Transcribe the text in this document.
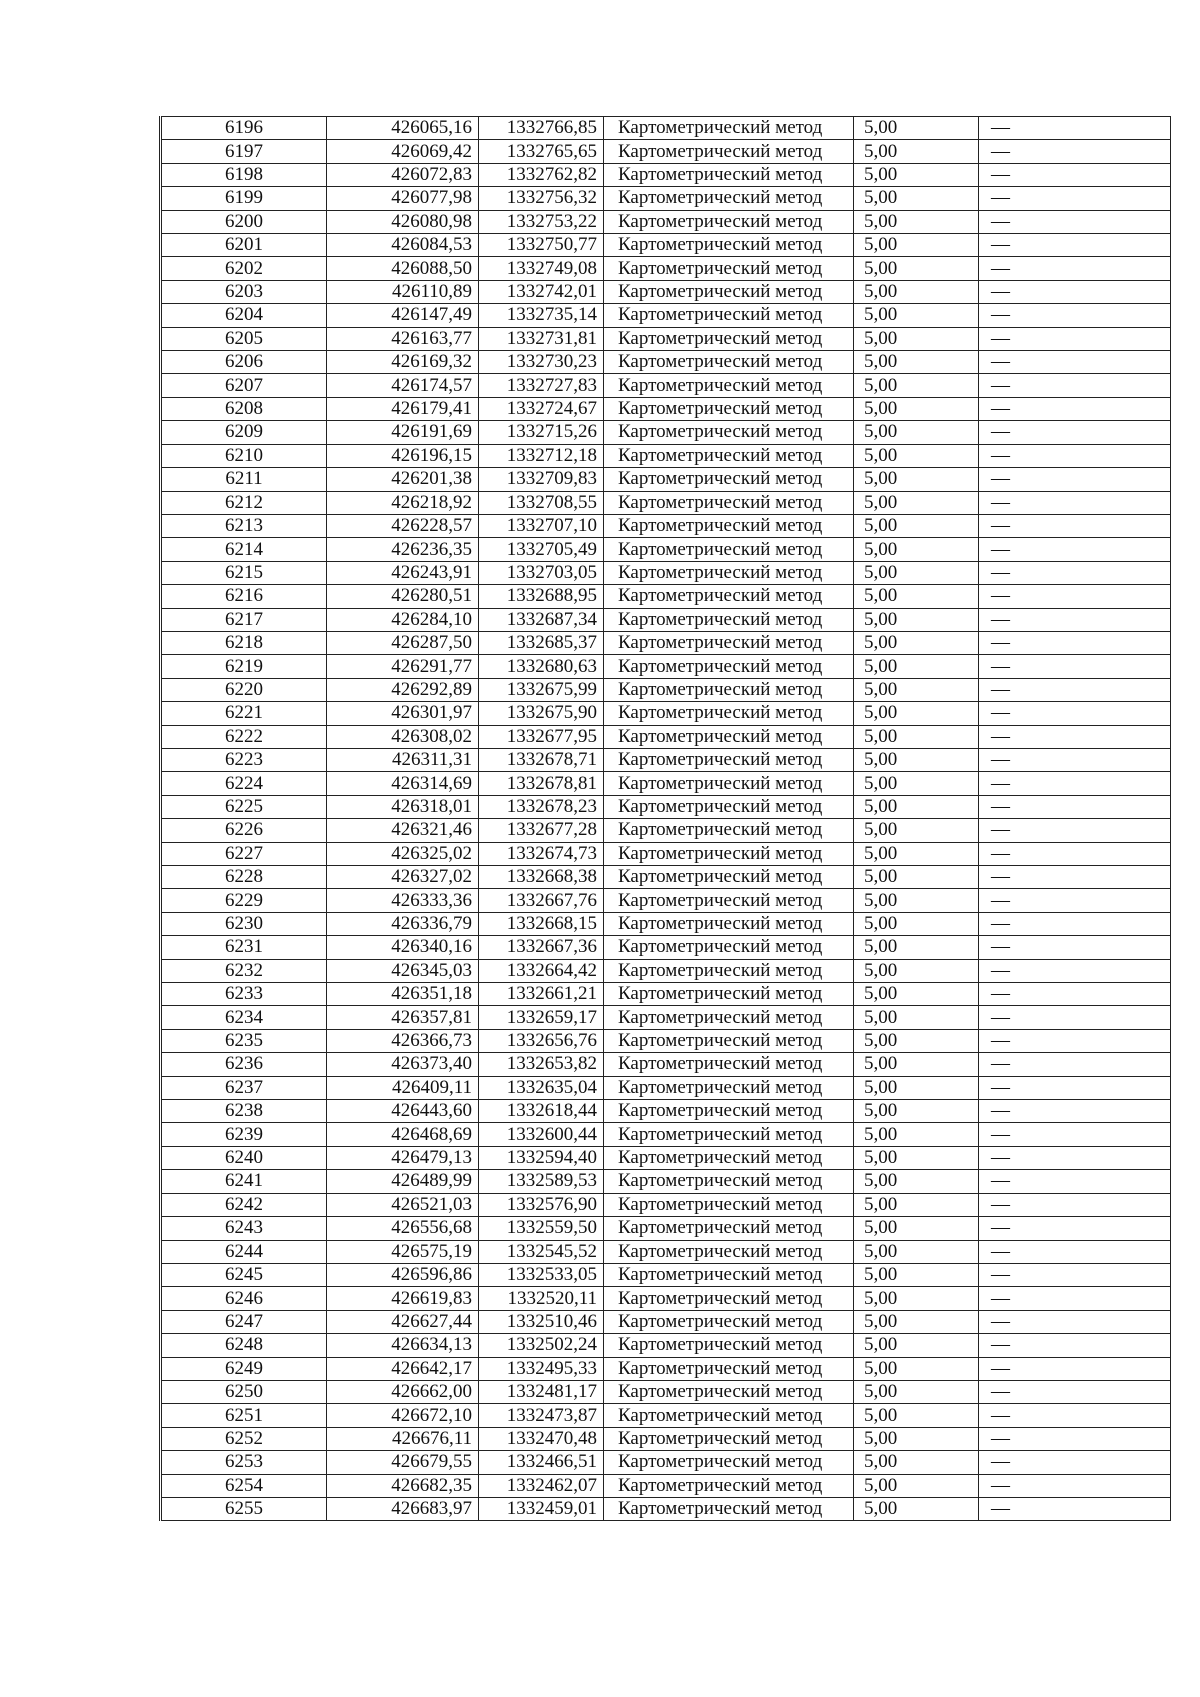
6196	426065,16	1332766,85	Картометрический метод	5,00	—
6197	426069,42	1332765,65	Картометрический метод	5,00	—
6198	426072,83	1332762,82	Картометрический метод	5,00	—
6199	426077,98	1332756,32	Картометрический метод	5,00	—
6200	426080,98	1332753,22	Картометрический метод	5,00	—
6201	426084,53	1332750,77	Картометрический метод	5,00	—
6202	426088,50	1332749,08	Картометрический метод	5,00	—
6203	426110,89	1332742,01	Картометрический метод	5,00	—
6204	426147,49	1332735,14	Картометрический метод	5,00	—
6205	426163,77	1332731,81	Картометрический метод	5,00	—
6206	426169,32	1332730,23	Картометрический метод	5,00	—
6207	426174,57	1332727,83	Картометрический метод	5,00	—
6208	426179,41	1332724,67	Картометрический метод	5,00	—
6209	426191,69	1332715,26	Картометрический метод	5,00	—
6210	426196,15	1332712,18	Картометрический метод	5,00	—
6211	426201,38	1332709,83	Картометрический метод	5,00	—
6212	426218,92	1332708,55	Картометрический метод	5,00	—
6213	426228,57	1332707,10	Картометрический метод	5,00	—
6214	426236,35	1332705,49	Картометрический метод	5,00	—
6215	426243,91	1332703,05	Картометрический метод	5,00	—
6216	426280,51	1332688,95	Картометрический метод	5,00	—
6217	426284,10	1332687,34	Картометрический метод	5,00	—
6218	426287,50	1332685,37	Картометрический метод	5,00	—
6219	426291,77	1332680,63	Картометрический метод	5,00	—
6220	426292,89	1332675,99	Картометрический метод	5,00	—
6221	426301,97	1332675,90	Картометрический метод	5,00	—
6222	426308,02	1332677,95	Картометрический метод	5,00	—
6223	426311,31	1332678,71	Картометрический метод	5,00	—
6224	426314,69	1332678,81	Картометрический метод	5,00	—
6225	426318,01	1332678,23	Картометрический метод	5,00	—
6226	426321,46	1332677,28	Картометрический метод	5,00	—
6227	426325,02	1332674,73	Картометрический метод	5,00	—
6228	426327,02	1332668,38	Картометрический метод	5,00	—
6229	426333,36	1332667,76	Картометрический метод	5,00	—
6230	426336,79	1332668,15	Картометрический метод	5,00	—
6231	426340,16	1332667,36	Картометрический метод	5,00	—
6232	426345,03	1332664,42	Картометрический метод	5,00	—
6233	426351,18	1332661,21	Картометрический метод	5,00	—
6234	426357,81	1332659,17	Картометрический метод	5,00	—
6235	426366,73	1332656,76	Картометрический метод	5,00	—
6236	426373,40	1332653,82	Картометрический метод	5,00	—
6237	426409,11	1332635,04	Картометрический метод	5,00	—
6238	426443,60	1332618,44	Картометрический метод	5,00	—
6239	426468,69	1332600,44	Картометрический метод	5,00	—
6240	426479,13	1332594,40	Картометрический метод	5,00	—
6241	426489,99	1332589,53	Картометрический метод	5,00	—
6242	426521,03	1332576,90	Картометрический метод	5,00	—
6243	426556,68	1332559,50	Картометрический метод	5,00	—
6244	426575,19	1332545,52	Картометрический метод	5,00	—
6245	426596,86	1332533,05	Картометрический метод	5,00	—
6246	426619,83	1332520,11	Картометрический метод	5,00	—
6247	426627,44	1332510,46	Картометрический метод	5,00	—
6248	426634,13	1332502,24	Картометрический метод	5,00	—
6249	426642,17	1332495,33	Картометрический метод	5,00	—
6250	426662,00	1332481,17	Картометрический метод	5,00	—
6251	426672,10	1332473,87	Картометрический метод	5,00	—
6252	426676,11	1332470,48	Картометрический метод	5,00	—
6253	426679,55	1332466,51	Картометрический метод	5,00	—
6254	426682,35	1332462,07	Картометрический метод	5,00	—
6255	426683,97	1332459,01	Картометрический метод	5,00	—
